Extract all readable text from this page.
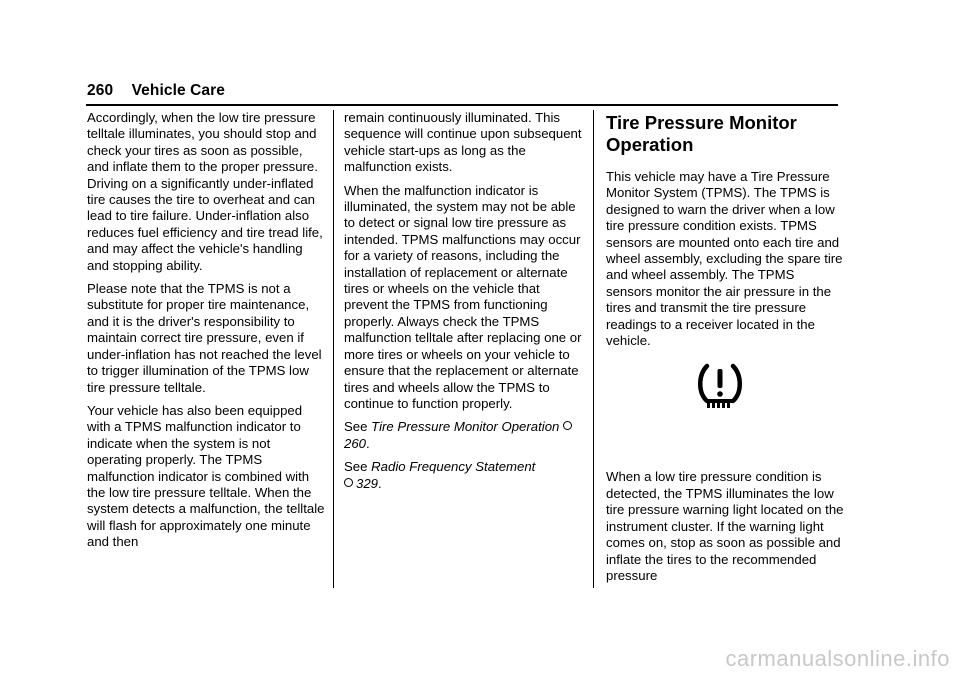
260 Vehicle Care

Accordingly, when the low tire pressure telltale illuminates, you should stop and check your tires as soon as possible, and inflate them to the proper pressure. Driving on a significantly under-inflated tire causes the tire to overheat and can lead to tire failure. Under-inflation also reduces fuel efficiency and tire tread life, and may affect the vehicle's handling and stopping ability.

Please note that the TPMS is not a substitute for proper tire maintenance, and it is the driver's responsibility to maintain correct tire pressure, even if under-inflation has not reached the level to trigger illumination of the TPMS low tire pressure telltale.

Your vehicle has also been equipped with a TPMS malfunction indicator to indicate when the system is not operating properly. The TPMS malfunction indicator is combined with the low tire pressure telltale. When the system detects a malfunction, the telltale will flash for approximately one minute and then

remain continuously illuminated. This sequence will continue upon subsequent vehicle start-ups as long as the malfunction exists.

When the malfunction indicator is illuminated, the system may not be able to detect or signal low tire pressure as intended. TPMS malfunctions may occur for a variety of reasons, including the installation of replacement or alternate tires or wheels on the vehicle that prevent the TPMS from functioning properly. Always check the TPMS malfunction telltale after replacing one or more tires or wheels on your vehicle to ensure that the replacement or alternate tires and wheels allow the TPMS to continue to function properly.

See Tire Pressure Monitor Operation 260.

See Radio Frequency Statement
329.

Tire Pressure Monitor Operation

This vehicle may have a Tire Pressure Monitor System (TPMS). The TPMS is designed to warn the driver when a low tire pressure condition exists. TPMS sensors are mounted onto each tire and wheel assembly, excluding the spare tire and wheel assembly. The TPMS sensors monitor the air pressure in the tires and transmit the tire pressure readings to a receiver located in the vehicle.

When a low tire pressure condition is detected, the TPMS illuminates the low tire pressure warning light located on the instrument cluster. If the warning light comes on, stop as soon as possible and inflate the tires to the recommended pressure

carmanualsonline.info
